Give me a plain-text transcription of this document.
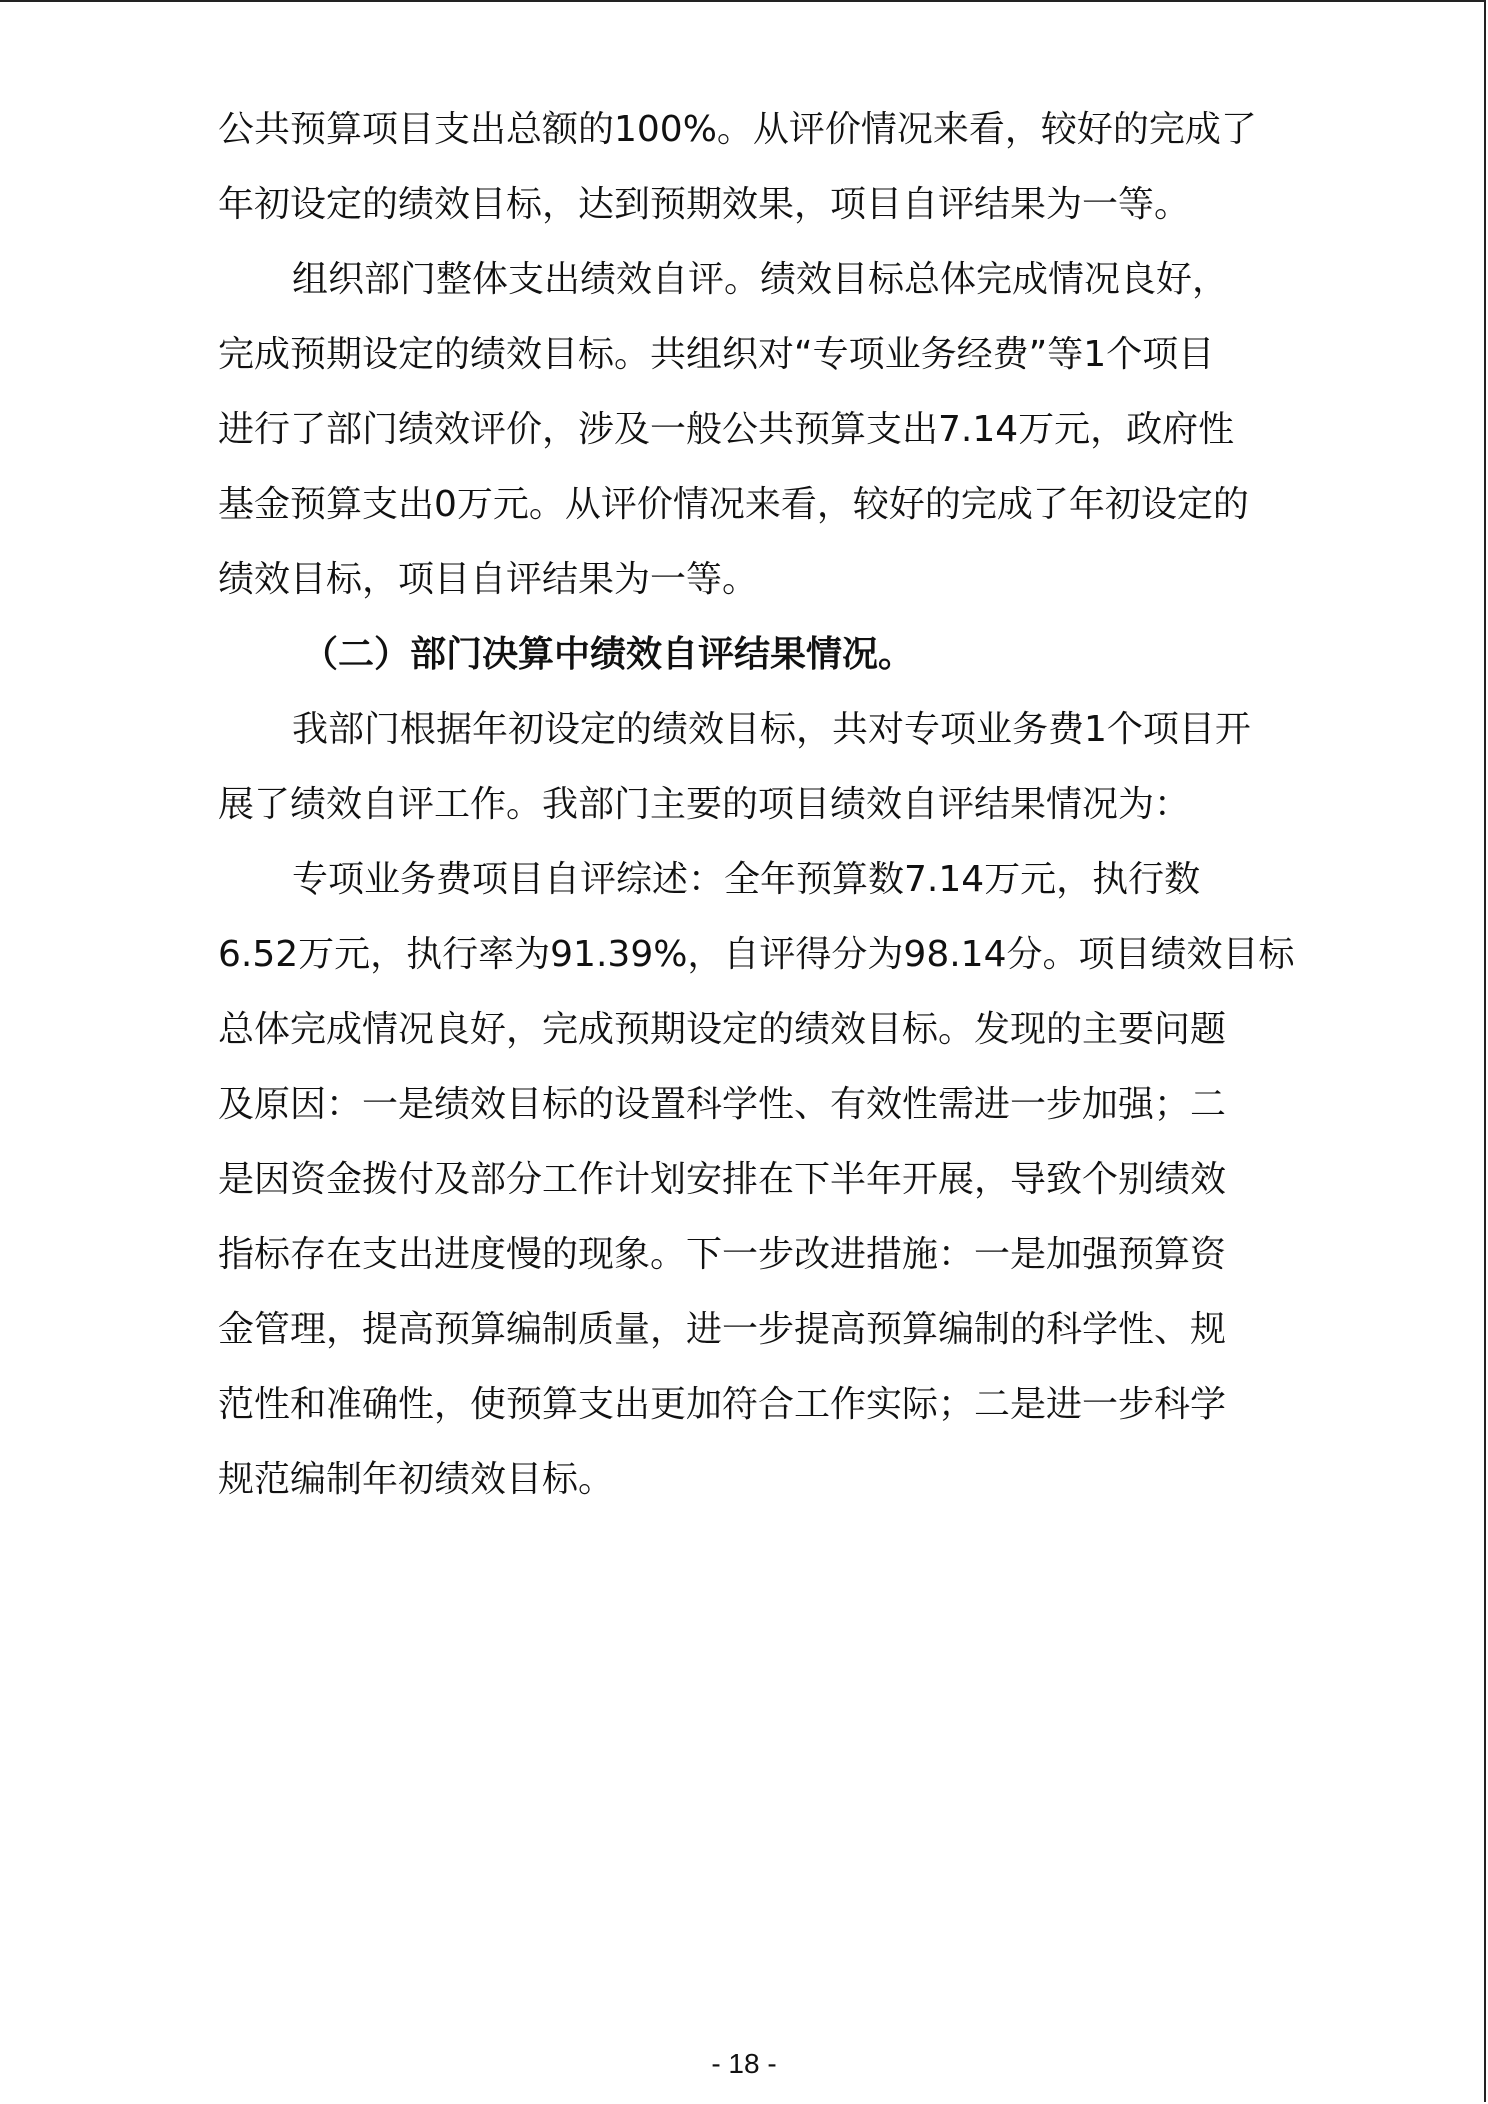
公共预算项目支出总额的100%。从评价情况来看，较好的完成了
年初设定的绩效目标，达到预期效果，项目自评结果为一等。
组织部门整体支出绩效自评。绩效目标总体完成情况良好，
完成预期设定的绩效目标。共组织对“专项业务经费”等1个项目
进行了部门绩效评价，涉及一般公共预算支出7.14万元，政府性
基金预算支出0万元。从评价情况来看，较好的完成了年初设定的
绩效目标，项目自评结果为一等。
（二）部门决算中绩效自评结果情况。
我部门根据年初设定的绩效目标，共对专项业务费1个项目开
展了绩效自评工作。我部门主要的项目绩效自评结果情况为：
专项业务费项目自评综述：全年预算数7.14万元，执行数
6.52万元，执行率为91.39%，自评得分为98.14分。项目绩效目标
总体完成情况良好，完成预期设定的绩效目标。发现的主要问题
及原因：一是绩效目标的设置科学性、有效性需进一步加强；二
是因资金拨付及部分工作计划安排在下半年开展，导致个别绩效
指标存在支出进度慢的现象。下一步改进措施：一是加强预算资
金管理，提高预算编制质量，进一步提高预算编制的科学性、规
范性和准确性，使预算支出更加符合工作实际；二是进一步科学
规范编制年初绩效目标。
- 18 -
